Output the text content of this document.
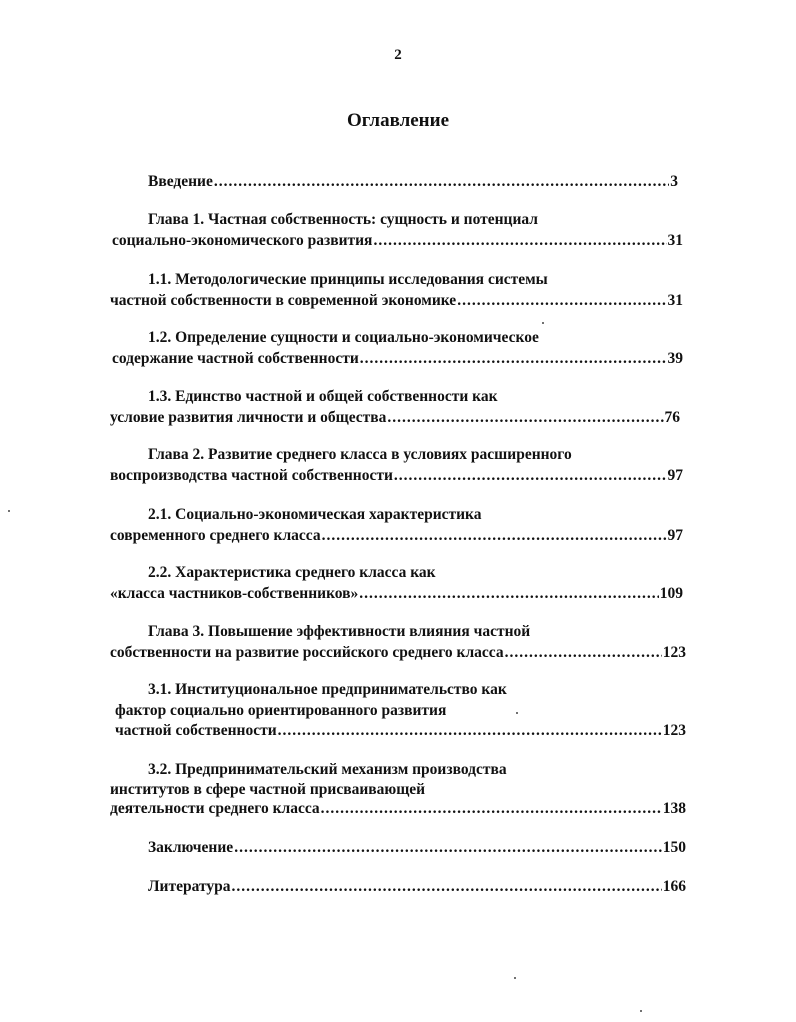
2
Оглавление
Введение .....	3
Глава 1. Частная собственность: сущность и потенциал
социально-экономического развития .....	31
1.1. Методологические принципы исследования системы
частной собственности в современной экономике .....	31
1.2. Определение сущности и социально-экономическое
содержание частной собственности .....	39
1.3. Единство частной и общей собственности как
условие развития личности и общества .....	76
Глава 2. Развитие среднего класса в условиях расширенного
воспроизводства частной собственности .....	97
2.1. Социально-экономическая характеристика
современного среднего класса .....	97
2.2. Характеристика среднего класса как
«класса частников-собственников» .....	109
Глава 3. Повышение эффективности влияния частной
собственности на развитие российского среднего класса .....	123
3.1. Институциональное предпринимательство как
фактор социально ориентированного развития
частной собственности .....	123
3.2. Предпринимательский механизм производства
институтов в сфере частной присваивающей
деятельности среднего класса .....	138
Заключение .....	150
Литература .....	166
